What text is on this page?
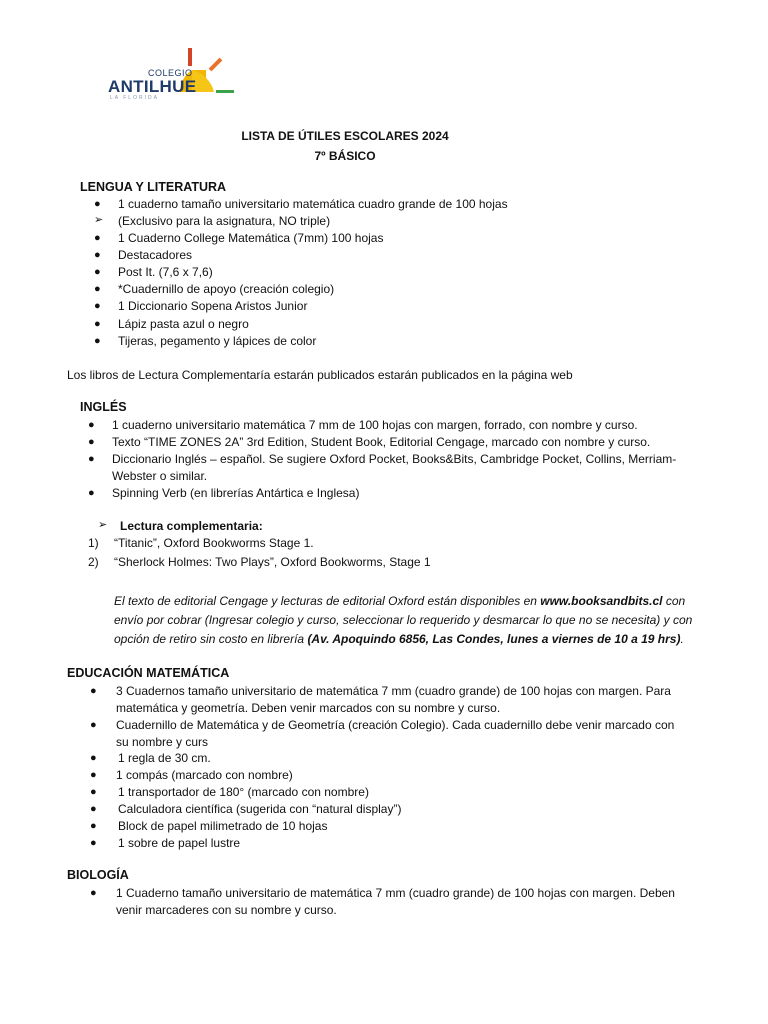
COLEGIO
ANTILHUE
LA FLORIDA
LISTA DE ÚTILES ESCOLARES 2024
7º BÁSICO
LENGUA Y LITERATURA
● 1 cuaderno tamaño universitario matemática cuadro grande de 100 hojas
➢ (Exclusivo para la asignatura, NO triple)
● 1 Cuaderno College Matemática (7mm) 100 hojas
● Destacadores
● Post It. (7,6 x 7,6)
● *Cuadernillo de apoyo (creación colegio)
● 1 Diccionario Sopena Aristos Junior
● Lápiz pasta azul o negro
● Tijeras, pegamento y lápices de color
Los libros de Lectura Complementaría estarán publicados estarán publicados en la página web
INGLÉS
● 1 cuaderno universitario matemática 7 mm de 100 hojas con margen, forrado, con nombre y curso.
● Texto “TIME ZONES 2A” 3rd Edition, Student Book, Editorial Cengage, marcado con nombre y curso.
● Diccionario Inglés – español. Se sugiere Oxford Pocket, Books&Bits, Cambridge Pocket, Collins, Merriam-Webster o similar.
● Spinning Verb (en librerías Antártica e Inglesa)
➢ Lectura complementaria:
1) “Titanic”, Oxford Bookworms Stage 1.
2) “Sherlock Holmes: Two Plays”, Oxford Bookworms, Stage 1
El texto de editorial Cengage y lecturas de editorial Oxford están disponibles en www.booksandbits.cl con envío por cobrar (Ingresar colegio y curso, seleccionar lo requerido y desmarcar lo que no se necesita) y con opción de retiro sin costo en librería (Av. Apoquindo 6856, Las Condes, lunes a viernes de 10 a 19 hrs).
EDUCACIÓN MATEMÁTICA
● 3 Cuadernos tamaño universitario de matemática 7 mm (cuadro grande) de 100 hojas con margen. Para matemática y geometría. Deben venir marcados con su nombre y curso.
● Cuadernillo de Matemática y de Geometría (creación Colegio). Cada cuadernillo debe venir marcado con su nombre y curs
● 1 regla de 30 cm.
● 1 compás (marcado con nombre)
● 1 transportador de 180° (marcado con nombre)
● Calculadora científica (sugerida con “natural display”)
● Block de papel milimetrado de 10 hojas
● 1 sobre de papel lustre
BIOLOGÍA
● 1 Cuaderno tamaño universitario de matemática 7 mm (cuadro grande) de 100 hojas con margen. Deben venir marcaderes con su nombre y curso.
